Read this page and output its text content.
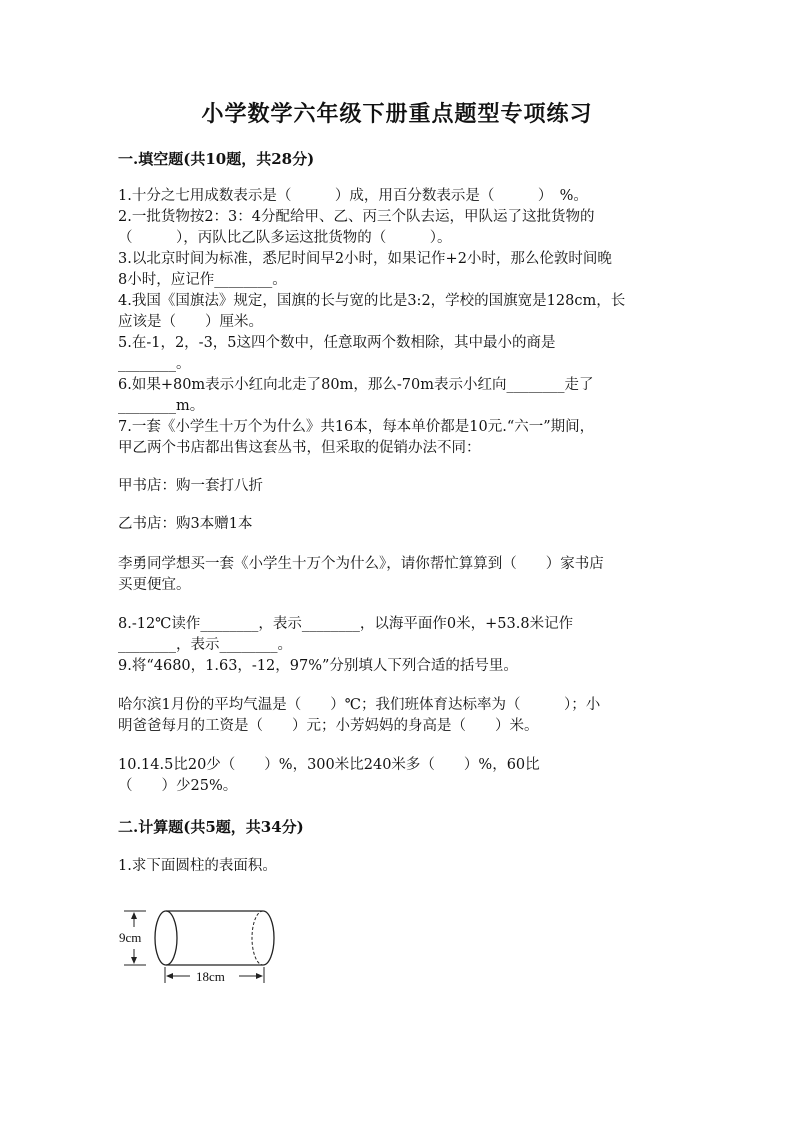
小学数学六年级下册重点题型专项练习
一.填空题(共10题，共28分)
1.十分之七用成数表示是（　　　）成，用百分数表示是（　　　）　%。
2.一批货物按2：3：4分配给甲、乙、丙三个队去运，甲队运了这批货物的
（　　　），丙队比乙队多运这批货物的（　　　）。
3.以北京时间为标准，悉尼时间早2小时，如果记作+2小时，那么伦敦时间晚
8小时，应记作________。
4.我国《国旗法》规定，国旗的长与宽的比是3:2，学校的国旗宽是128cm，长
应该是（　　）厘米。
5.在-1，2，-3，5这四个数中，任意取两个数相除，其中最小的商是
________。
6.如果+80m表示小红向北走了80m，那么-70m表示小红向________走了
________m。
7.一套《小学生十万个为什么》共16本，每本单价都是10元.“六一”期间，
甲乙两个书店都出售这套丛书，但采取的促销办法不同：
甲书店：购一套打八折
乙书店：购3本赠1本
李勇同学想买一套《小学生十万个为什么》，请你帮忙算算到（　　）家书店
买更便宜。
8.-12℃读作________，表示________，以海平面作0米，+53.8米记作
________，表示________。
9.将“4680，1.63，-12，97%”分别填人下列合适的括号里。
哈尔滨1月份的平均气温是（　　）℃；我们班体育达标率为（　　　）；小
明爸爸每月的工资是（　　）元；小芳妈妈的身高是（　　）米。
10.14.5比20少（　　）%，300米比240米多（　　）%，60比
（　　）少25%。
二.计算题(共5题，共34分)
1.求下面圆柱的表面积。
9cm
18cm
